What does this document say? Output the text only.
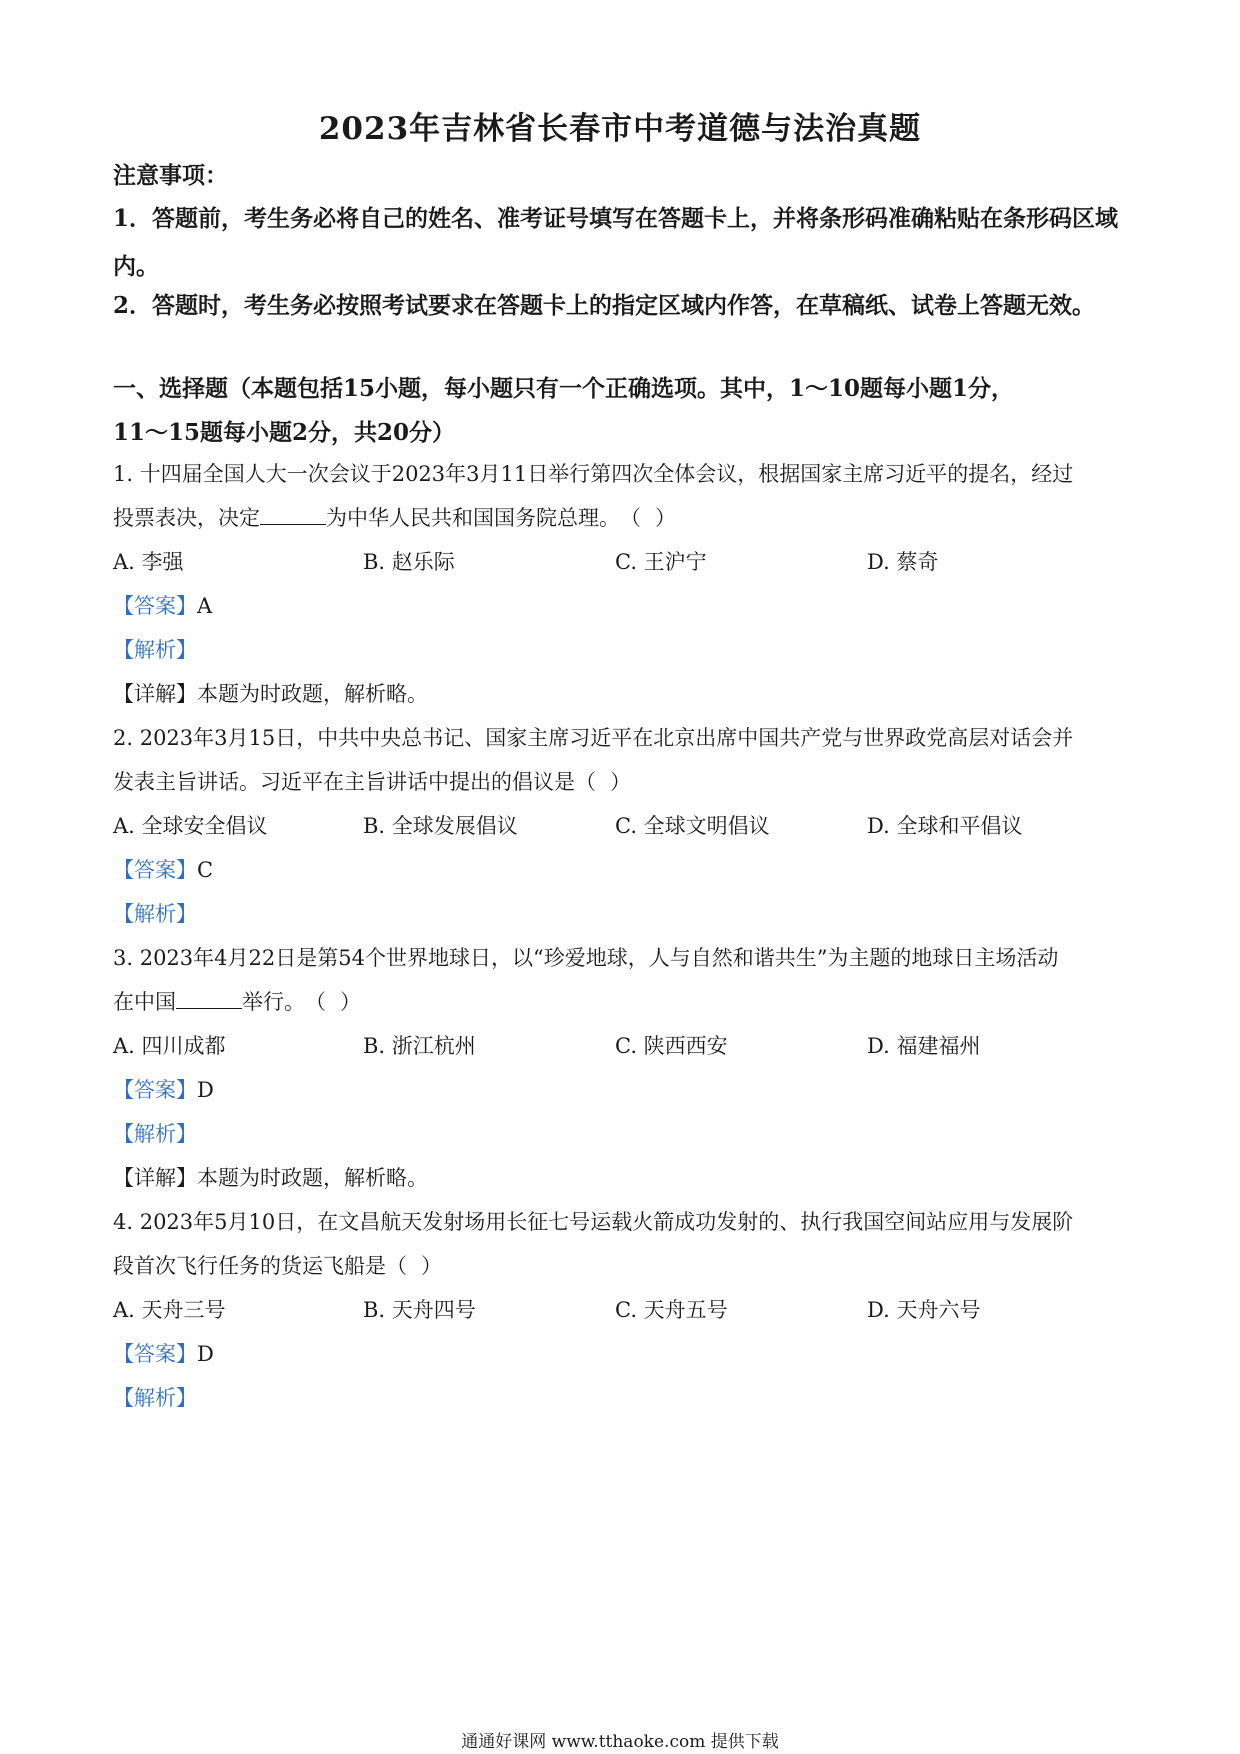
2023年吉林省长春市中考道德与法治真题
注意事项：
1．答题前，考生务必将自己的姓名、准考证号填写在答题卡上，并将条形码准确粘贴在条形码区域内。
2．答题时，考生务必按照考试要求在答题卡上的指定区域内作答，在草稿纸、试卷上答题无效。
一、选择题（本题包括15小题，每小题只有一个正确选项。其中，1～10题每小题1分，
11～15题每小题2分，共20分）
1. 十四届全国人大一次会议于2023年3月11日举行第四次全体会议，根据国家主席习近平的提名，经过
投票表决，决定	为中华人民共和国国务院总理。（ ）
A. 李强	B. 赵乐际	C. 王沪宁	D. 蔡奇
【答案】A
【解析】
【详解】本题为时政题，解析略。
2. 2023年3月15日，中共中央总书记、国家主席习近平在北京出席中国共产党与世界政党高层对话会并
发表主旨讲话。习近平在主旨讲话中提出的倡议是（ ）
A. 全球安全倡议	B. 全球发展倡议	C. 全球文明倡议	D. 全球和平倡议
【答案】C
【解析】
3. 2023年4月22日是第54个世界地球日，以“珍爱地球，人与自然和谐共生”为主题的地球日主场活动
在中国	举行。（ ）
A. 四川成都	B. 浙江杭州	C. 陕西西安	D. 福建福州
【答案】D
【解析】
【详解】本题为时政题，解析略。
4. 2023年5月10日，在文昌航天发射场用长征七号运载火箭成功发射的、执行我国空间站应用与发展阶
段首次飞行任务的货运飞船是（ ）
A. 天舟三号	B. 天舟四号	C. 天舟五号	D. 天舟六号
【答案】D
【解析】
通通好课网 www.tthaoke.com 提供下载
